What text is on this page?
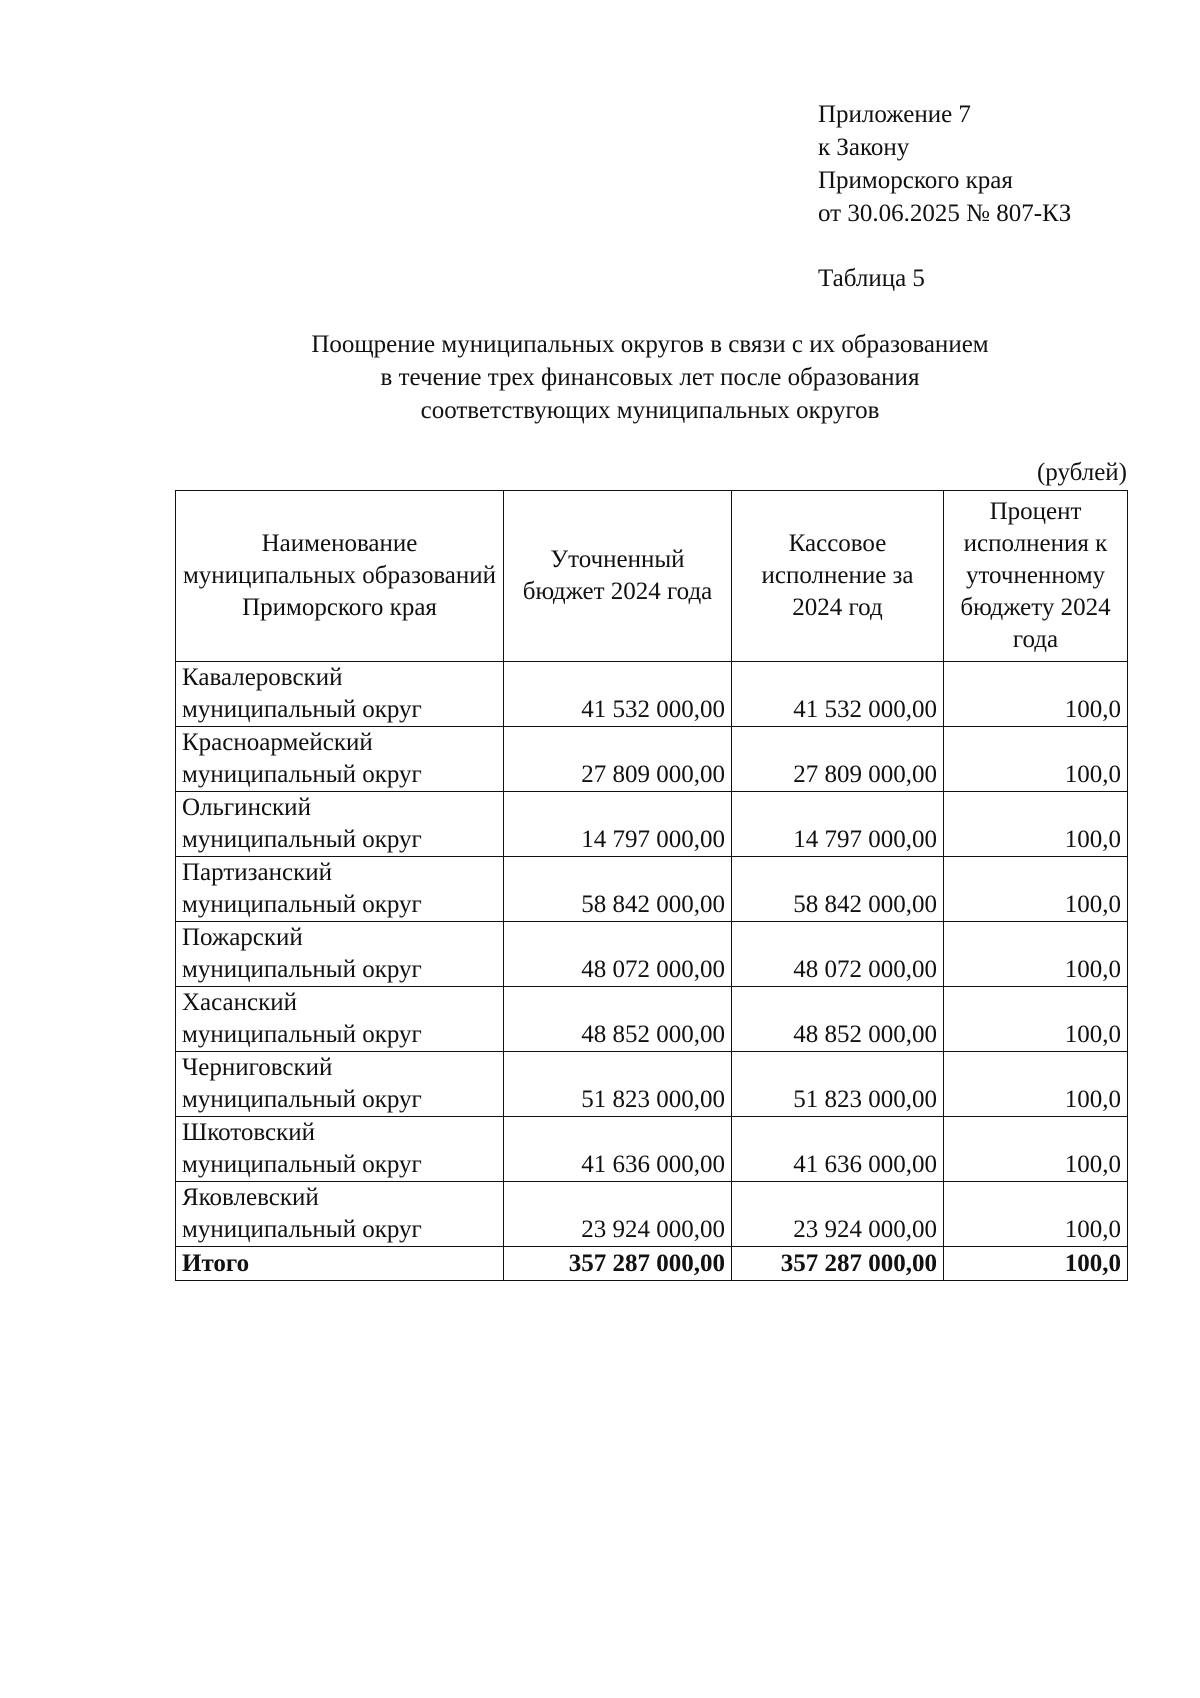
Приложение 7
к Закону
Приморского края
от 30.06.2025 № 807-КЗ
Таблица 5
Поощрение муниципальных округов в связи с их образованием
в течение трех финансовых лет после образования
соответствующих муниципальных округов
(рублей)
Наименование муниципальных образований Приморского края	Уточненный бюджет 2024 года	Кассовое исполнение за 2024 год	Процент исполнения к уточненному бюджету 2024 года

Кавалеровский
муниципальный округ	41 532 000,00	41 532 000,00	100,0

Красноармейский
муниципальный округ	27 809 000,00	27 809 000,00	100,0

Ольгинский
муниципальный округ	14 797 000,00	14 797 000,00	100,0

Партизанский
муниципальный округ	58 842 000,00	58 842 000,00	100,0

Пожарский
муниципальный округ	48 072 000,00	48 072 000,00	100,0

Хасанский
муниципальный округ	48 852 000,00	48 852 000,00	100,0

Черниговский
муниципальный округ	51 823 000,00	51 823 000,00	100,0

Шкотовский
муниципальный округ	41 636 000,00	41 636 000,00	100,0

Яковлевский
муниципальный округ	23 924 000,00	23 924 000,00	100,0
Итого	357 287 000,00	357 287 000,00	100,0
